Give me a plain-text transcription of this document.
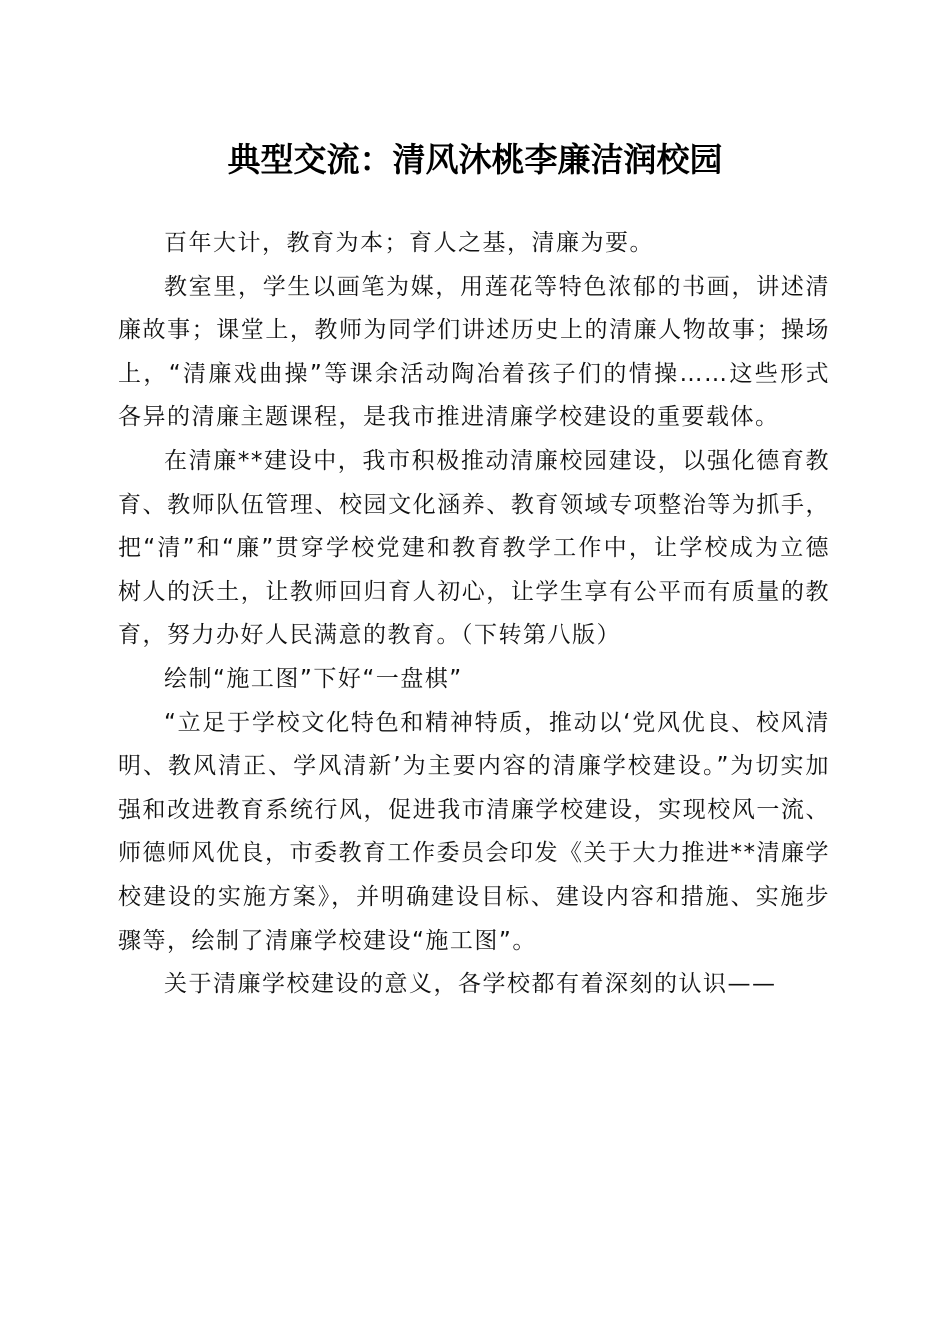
典型交流：清风沐桃李廉洁润校园

百年大计，教育为本；育人之基，清廉为要。

教室里，学生以画笔为媒，用莲花等特色浓郁的书画，讲述清廉故事；课堂上，教师为同学们讲述历史上的清廉人物故事；操场上，“清廉戏曲操”等课余活动陶冶着孩子们的情操……这些形式各异的清廉主题课程，是我市推进清廉学校建设的重要载体。

在清廉**建设中，我市积极推动清廉校园建设，以强化德育教育、教师队伍管理、校园文化涵养、教育领域专项整治等为抓手，把“清”和“廉”贯穿学校党建和教育教学工作中，让学校成为立德树人的沃土，让教师回归育人初心，让学生享有公平而有质量的教育，努力办好人民满意的教育。（下转第八版）

绘制“施工图”下好“一盘棋”

“立足于学校文化特色和精神特质，推动以‘党风优良、校风清明、教风清正、学风清新’为主要内容的清廉学校建设。”为切实加强和改进教育系统行风，促进我市清廉学校建设，实现校风一流、师德师风优良，市委教育工作委员会印发《关于大力推进**清廉学校建设的实施方案》，并明确建设目标、建设内容和措施、实施步骤等，绘制了清廉学校建设“施工图”。

关于清廉学校建设的意义，各学校都有着深刻的认识——
